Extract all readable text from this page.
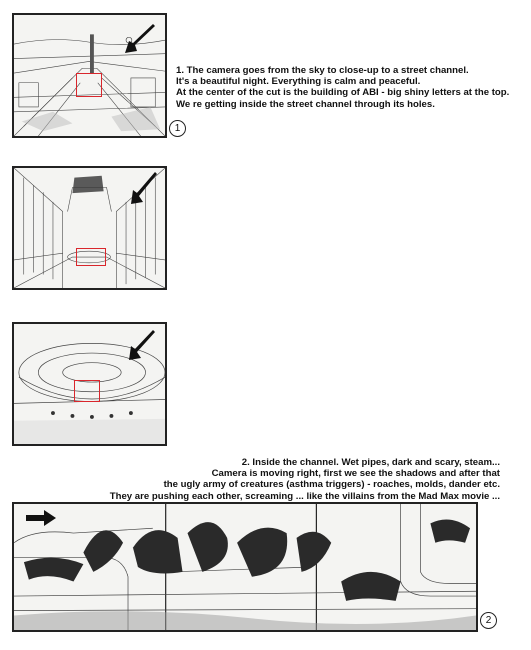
1. The camera goes from the sky to close-up to a street channel.
It's a beautiful night. Everything is calm and peaceful.
At the center of the cut is the building of ABI - big shiny letters at the top.
We re getting inside the street channel through its holes.
1
2. Inside the channel. Wet pipes, dark and scary, steam...
Camera is moving right, first we see the shadows and after that
the ugly army of creatures (asthma triggers) - roaches, molds, dander etc.
They are pushing each other, screaming ... like the villains from the Mad Max movie ...
2
